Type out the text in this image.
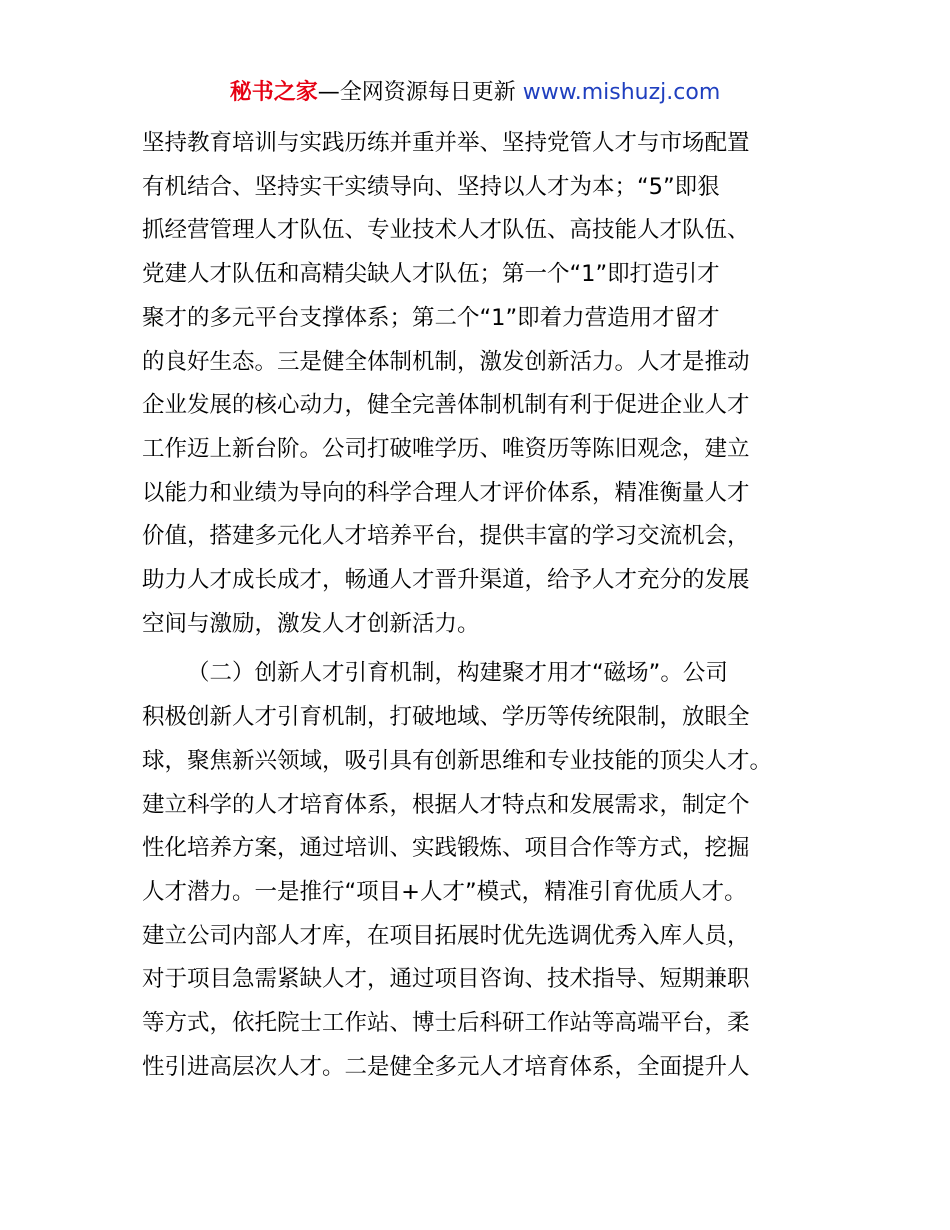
秘书之家—全网资源每日更新 www.mishuzj.com
坚持教育培训与实践历练并重并举、坚持党管人才与市场配置
有机结合、坚持实干实绩导向、坚持以人才为本；“5”即狠
抓经营管理人才队伍、专业技术人才队伍、高技能人才队伍、
党建人才队伍和高精尖缺人才队伍；第一个“1”即打造引才
聚才的多元平台支撑体系；第二个“1”即着力营造用才留才
的良好生态。三是健全体制机制，激发创新活力。人才是推动
企业发展的核心动力，健全完善体制机制有利于促进企业人才
工作迈上新台阶。公司打破唯学历、唯资历等陈旧观念，建立
以能力和业绩为导向的科学合理人才评价体系，精准衡量人才
价值，搭建多元化人才培养平台，提供丰富的学习交流机会，
助力人才成长成才，畅通人才晋升渠道，给予人才充分的发展
空间与激励，激发人才创新活力。
（二）创新人才引育机制，构建聚才用才“磁场”。公司
积极创新人才引育机制，打破地域、学历等传统限制，放眼全
球，聚焦新兴领域，吸引具有创新思维和专业技能的顶尖人才。
建立科学的人才培育体系，根据人才特点和发展需求，制定个
性化培养方案，通过培训、实践锻炼、项目合作等方式，挖掘
人才潜力。一是推行“项目+人才”模式，精准引育优质人才。
建立公司内部人才库，在项目拓展时优先选调优秀入库人员，
对于项目急需紧缺人才，通过项目咨询、技术指导、短期兼职
等方式，依托院士工作站、博士后科研工作站等高端平台，柔
性引进高层次人才。二是健全多元人才培育体系，全面提升人
